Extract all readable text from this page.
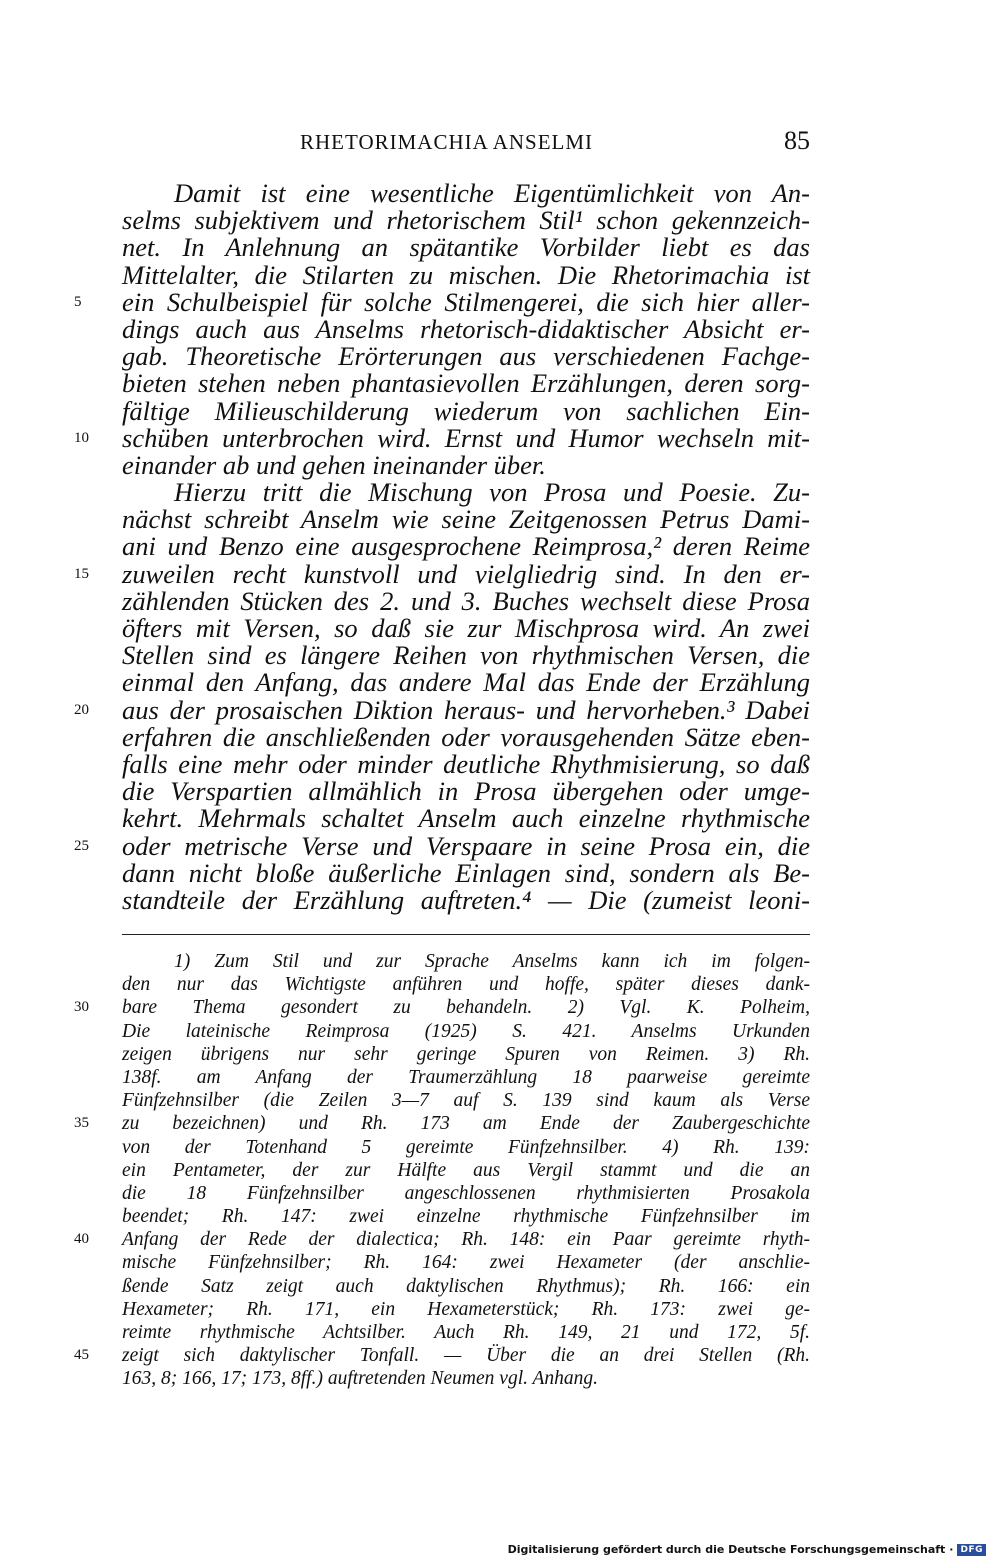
RHETORIMACHIA ANSELMI	85
Damit ist eine wesentliche Eigentümlichkeit von An-
selms subjektivem und rhetorischem Stil¹ schon gekennzeich-
net. In Anlehnung an spätantike Vorbilder liebt es das
Mittelalter, die Stilarten zu mischen. Die Rhetorimachia ist
5	ein Schulbeispiel für solche Stilmengerei, die sich hier aller-
dings auch aus Anselms rhetorisch-didaktischer Absicht er-
gab. Theoretische Erörterungen aus verschiedenen Fachge-
bieten stehen neben phantasievollen Erzählungen, deren sorg-
fältige Milieuschilderung wiederum von sachlichen Ein-
10	schüben unterbrochen wird. Ernst und Humor wechseln mit-
einander ab und gehen ineinander über.
Hierzu tritt die Mischung von Prosa und Poesie. Zu-
nächst schreibt Anselm wie seine Zeitgenossen Petrus Dami-
ani und Benzo eine ausgesprochene Reimprosa,² deren Reime
15	zuweilen recht kunstvoll und vielgliedrig sind. In den er-
zählenden Stücken des 2. und 3. Buches wechselt diese Prosa
öfters mit Versen, so daß sie zur Mischprosa wird. An zwei
Stellen sind es längere Reihen von rhythmischen Versen, die
einmal den Anfang, das andere Mal das Ende der Erzählung
20	aus der prosaischen Diktion heraus- und hervorheben.³ Dabei
erfahren die anschließenden oder vorausgehenden Sätze eben-
falls eine mehr oder minder deutliche Rhythmisierung, so daß
die Verspartien allmählich in Prosa übergehen oder umge-
kehrt. Mehrmals schaltet Anselm auch einzelne rhythmische
25	oder metrische Verse und Verspaare in seine Prosa ein, die
dann nicht bloße äußerliche Einlagen sind, sondern als Be-
standteile der Erzählung auftreten.⁴ — Die (zumeist leoni-
1) Zum Stil und zur Sprache Anselms kann ich im folgen-
den nur das Wichtigste anführen und hoffe, später dieses dank-
30	bare Thema gesondert zu behandeln. 2) Vgl. K. Polheim,
Die lateinische Reimprosa (1925) S. 421. Anselms Urkunden
zeigen übrigens nur sehr geringe Spuren von Reimen. 3) Rh.
138f. am Anfang der Traumerzählung 18 paarweise gereimte
Fünfzehnsilber (die Zeilen 3—7 auf S. 139 sind kaum als Verse
35	zu bezeichnen) und Rh. 173 am Ende der Zaubergeschichte
von der Totenhand 5 gereimte Fünfzehnsilber. 4) Rh. 139:
ein Pentameter, der zur Hälfte aus Vergil stammt und die an
die 18 Fünfzehnsilber angeschlossenen rhythmisierten Prosakola
beendet; Rh. 147: zwei einzelne rhythmische Fünfzehnsilber im
40	Anfang der Rede der dialectica; Rh. 148: ein Paar gereimte rhyth-
mische Fünfzehnsilber; Rh. 164: zwei Hexameter (der anschlie-
ßende Satz zeigt auch daktylischen Rhythmus); Rh. 166: ein
Hexameter; Rh. 171, ein Hexameterstück; Rh. 173: zwei ge-
reimte rhythmische Achtsilber. Auch Rh. 149, 21 und 172, 5f.
45	zeigt sich daktylischer Tonfall. — Über die an drei Stellen (Rh.
163, 8; 166, 17; 173, 8ff.) auftretenden Neumen vgl. Anhang.
Digitalisierung gefördert durch die Deutsche Forschungsgemeinschaft · DFG
